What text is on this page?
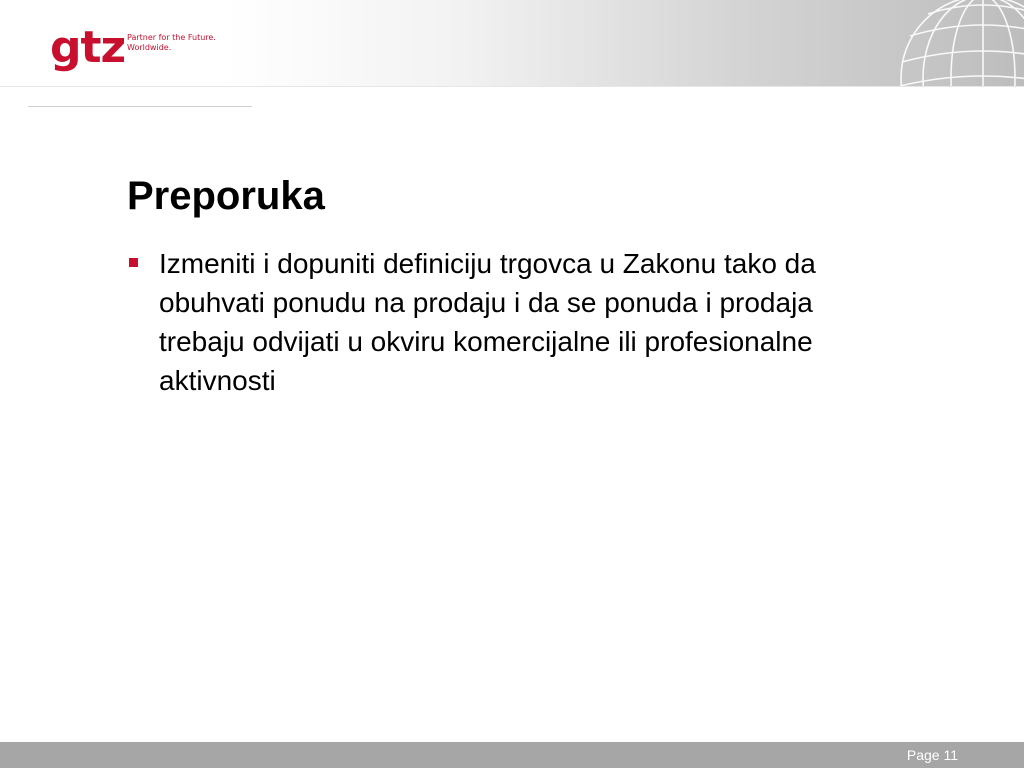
gtz Partner for the Future.
Worldwide.
Preporuka
Izmeniti i dopuniti definiciju trgovca u Zakonu tako da obuhvati ponudu na prodaju i da se ponuda i prodaja trebaju odvijati u okviru komercijalne ili profesionalne aktivnosti
Page 11
